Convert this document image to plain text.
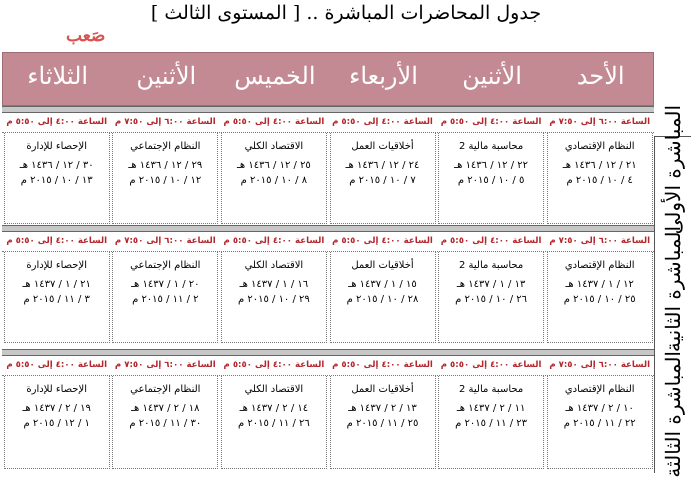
جدول المحاضرات المباشرة .. [ المستوى الثالث ]
صَعب
الأحد
الأثنين
الأربعاء
الخميس
الأثنين
الثلاثاء
المباشرة الأولى
المباشرة الثانية
المباشرة الثالثة
الساعة ٦:٠٠ إلى ٧:٥٠ م
الساعة ٤:٠٠ إلى ٥:٥٠ م
الساعة ٤:٠٠ إلى ٥:٥٠ م
الساعة ٤:٠٠ إلى ٥:٥٠ م
الساعة ٦:٠٠ إلى ٧:٥٠ م
الساعة ٤:٠٠ إلى ٥:٥٠ م
النظام الإقتصادي
٢١ / ١٢ / ١٤٣٦ هـ
٤ / ١٠ / ٢٠١٥ م
محاسبة مالية 2
٢٢ / ١٢ / ١٤٣٦ هـ
٥ / ١٠ / ٢٠١٥ م
أخلاقيات العمل
٢٤ / ١٢ / ١٤٣٦ هـ
٧ / ١٠ / ٢٠١٥ م
الاقتصاد الكلي
٢٥ / ١٢ / ١٤٣٦ هـ
٨ / ١٠ / ٢٠١٥ م
النظام الإجتماعي
٢٩ / ١٢ / ١٤٣٦ هـ
١٢ / ١٠ / ٢٠١٥ م
الإحصاء للإدارة
٣٠ / ١٢ / ١٤٣٦ هـ
١٣ / ١٠ / ٢٠١٥ م
الساعة ٦:٠٠ إلى ٧:٥٠ م
الساعة ٤:٠٠ إلى ٥:٥٠ م
الساعة ٤:٠٠ إلى ٥:٥٠ م
الساعة ٤:٠٠ إلى ٥:٥٠ م
الساعة ٦:٠٠ إلى ٧:٥٠ م
الساعة ٤:٠٠ إلى ٥:٥٠ م
النظام الإقتصادي
١٢ / ١ / ١٤٣٧ هـ
٢٥ / ١٠ / ٢٠١٥ م
محاسبة مالية 2
١٣ / ١ / ١٤٣٧ هـ
٢٦ / ١٠ / ٢٠١٥ م
أخلاقيات العمل
١٥ / ١ / ١٤٣٧ هـ
٢٨ / ١٠ / ٢٠١٥ م
الاقتصاد الكلي
١٦ / ١ / ١٤٣٧ هـ
٢٩ / ١٠ / ٢٠١٥ م
النظام الإجتماعي
٢٠ / ١ / ١٤٣٧ هـ
٢ / ١١ / ٢٠١٥ م
الإحصاء للإدارة
٢١ / ١ / ١٤٣٧ هـ
٣ / ١١ / ٢٠١٥ م
الساعة ٦:٠٠ إلى ٧:٥٠ م
الساعة ٤:٠٠ إلى ٥:٥٠ م
الساعة ٤:٠٠ إلى ٥:٥٠ م
الساعة ٤:٠٠ إلى ٥:٥٠ م
الساعة ٦:٠٠ إلى ٧:٥٠ م
الساعة ٤:٠٠ إلى ٥:٥٠ م
النظام الإقتصادي
١٠ / ٢ / ١٤٣٧ هـ
٢٢ / ١١ / ٢٠١٥ م
محاسبة مالية 2
١١ / ٢ / ١٤٣٧ هـ
٢٣ / ١١ / ٢٠١٥ م
أخلاقيات العمل
١٣ / ٢ / ١٤٣٧ هـ
٢٥ / ١١ / ٢٠١٥ م
الاقتصاد الكلي
١٤ / ٢ / ١٤٣٧ هـ
٢٦ / ١١ / ٢٠١٥ م
النظام الإجتماعي
١٨ / ٢ / ١٤٣٧ هـ
٣٠ / ١١ / ٢٠١٥ م
الإحصاء للإدارة
١٩ / ٢ / ١٤٣٧ هـ
١ / ١٢ / ٢٠١٥ م
